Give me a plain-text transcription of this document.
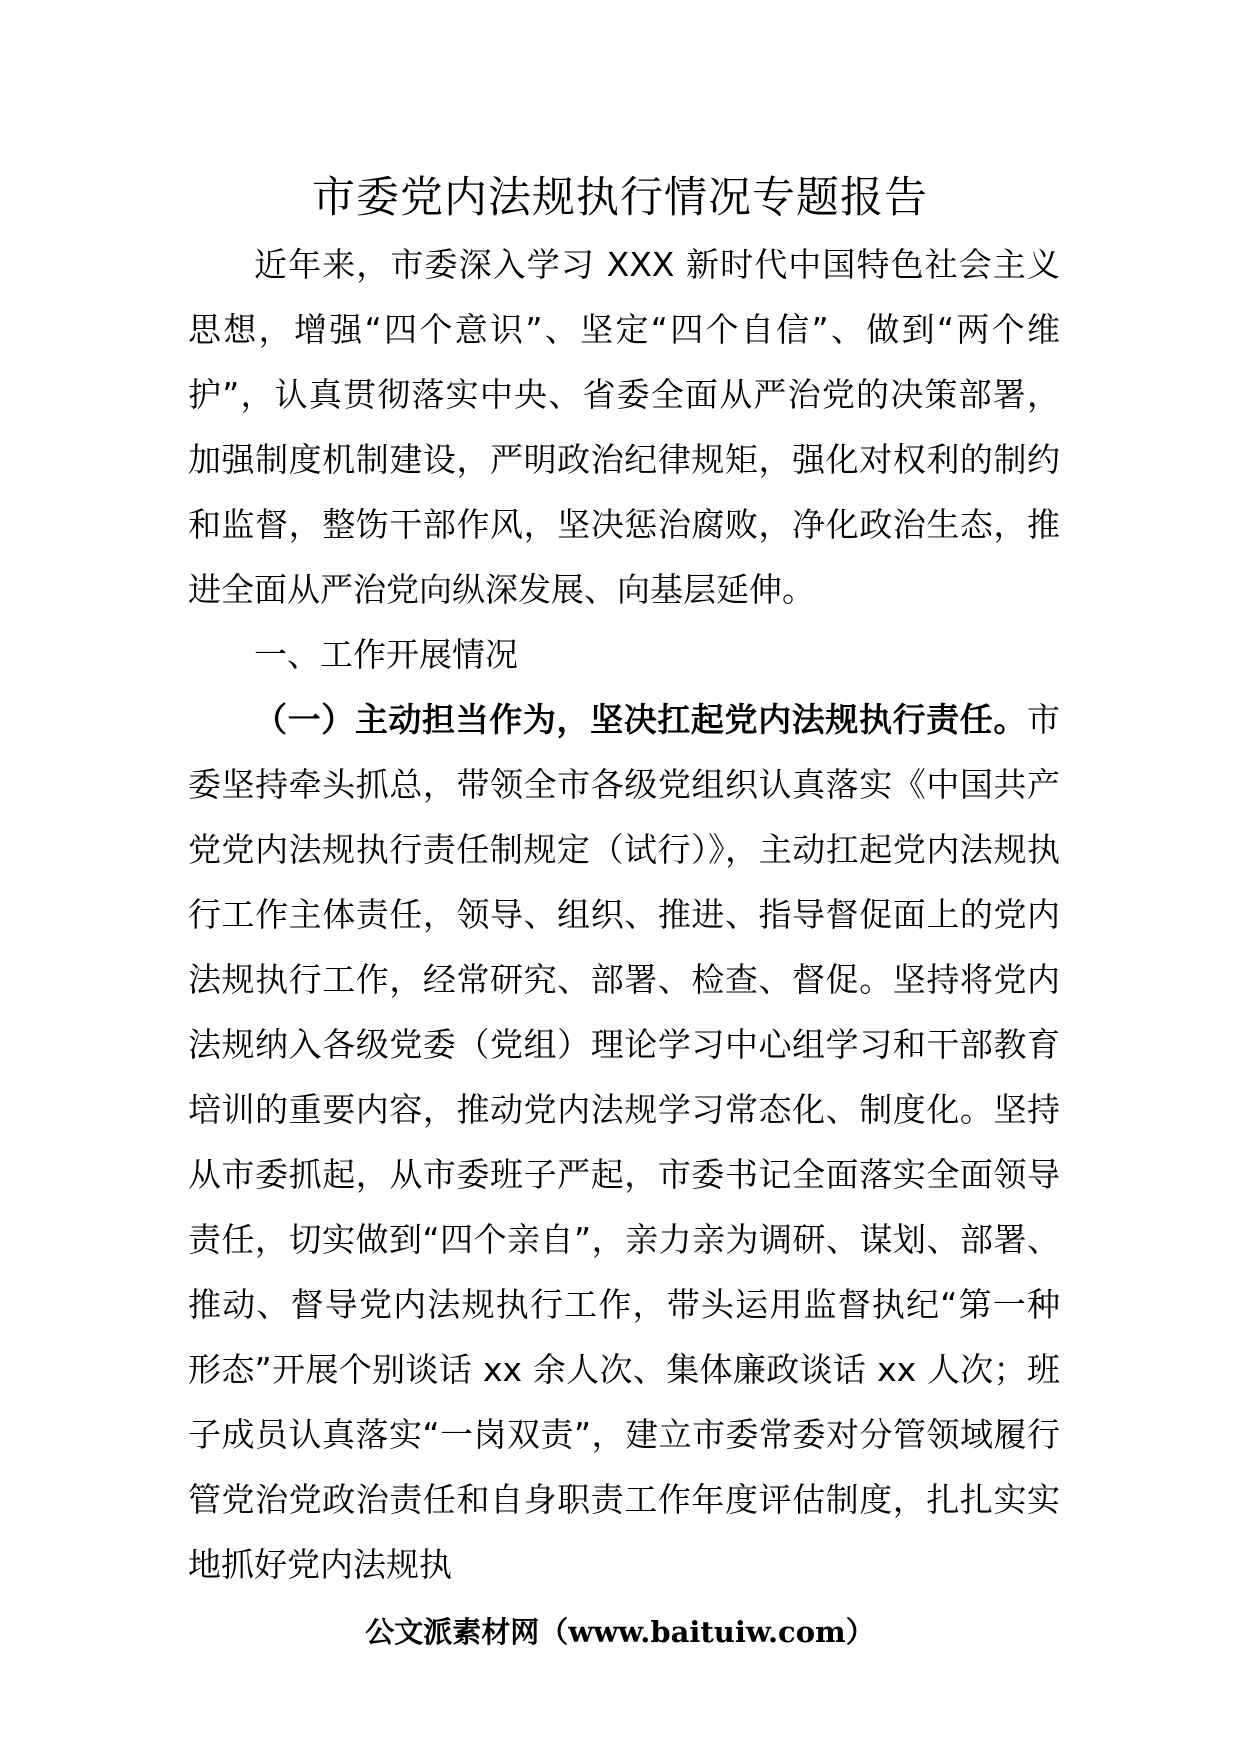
市委党内法规执行情况专题报告

近年来，市委深入学习 XXX 新时代中国特色社会主义思想，增强“四个意识”、坚定“四个自信”、做到“两个维护”，认真贯彻落实中央、省委全面从严治党的决策部署，加强制度机制建设，严明政治纪律规矩，强化对权利的制约和监督，整饬干部作风，坚决惩治腐败，净化政治生态，推进全面从严治党向纵深发展、向基层延伸。

一、工作开展情况

（一）主动担当作为，坚决扛起党内法规执行责任。市委坚持牵头抓总，带领全市各级党组织认真落实《中国共产党党内法规执行责任制规定（试行）》，主动扛起党内法规执行工作主体责任，领导、组织、推进、指导督促面上的党内法规执行工作，经常研究、部署、检查、督促。坚持将党内法规纳入各级党委（党组）理论学习中心组学习和干部教育培训的重要内容，推动党内法规学习常态化、制度化。坚持从市委抓起，从市委班子严起，市委书记全面落实全面领导责任，切实做到“四个亲自”，亲力亲为调研、谋划、部署、推动、督导党内法规执行工作，带头运用监督执纪“第一种形态”开展个别谈话 xx 余人次、集体廉政谈话 xx 人次；班子成员认真落实“一岗双责”，建立市委常委对分管领域履行管党治党政治责任和自身职责工作年度评估制度，扎扎实实地抓好党内法规执

公文派素材网（www.baituiw.com）
